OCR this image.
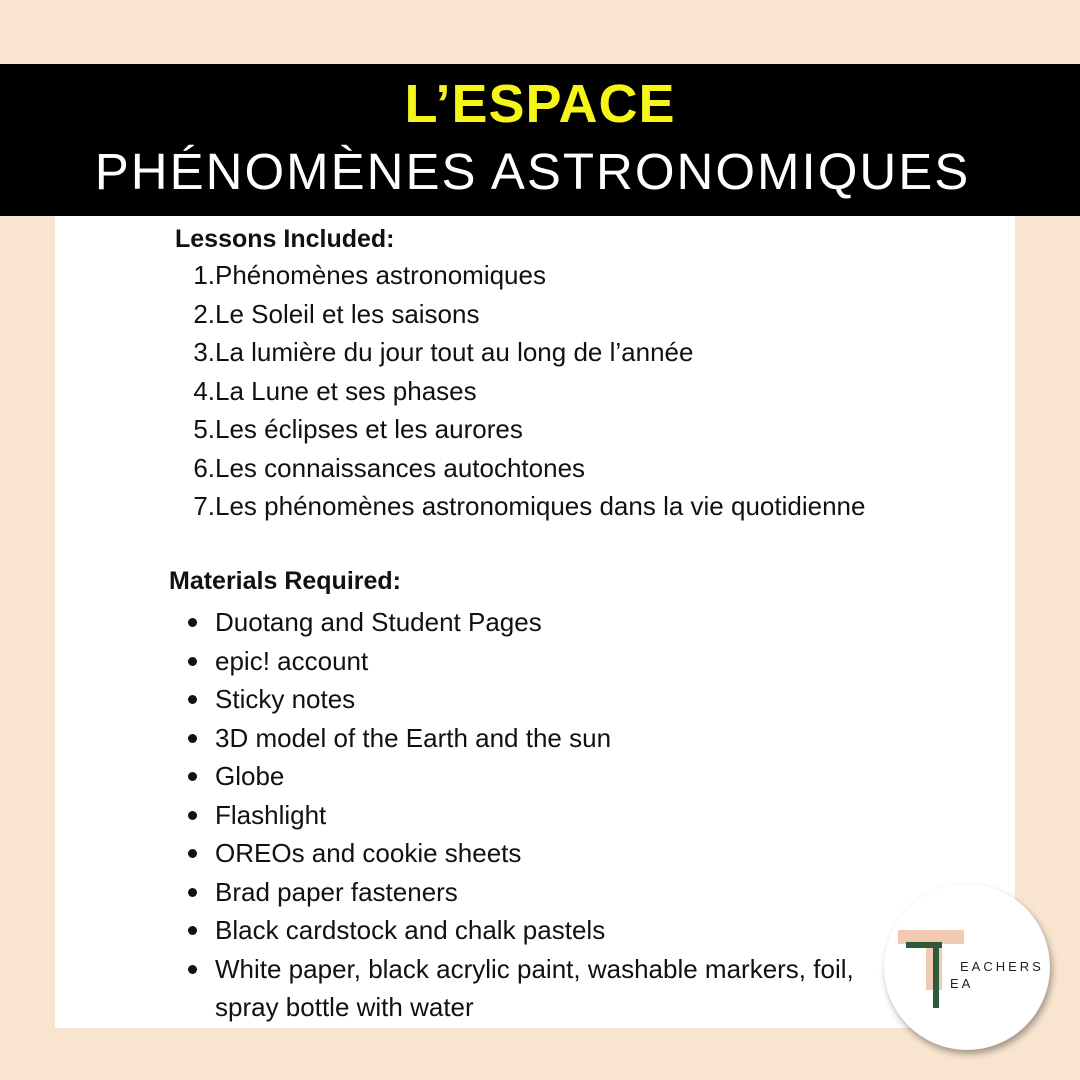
L’ESPACE
PHÉNOMÈNES ASTRONOMIQUES
Lessons Included:
1. Phénomènes astronomiques
2. Le Soleil et les saisons
3. La lumière du jour tout au long de l’année
4. La Lune et ses phases
5. Les éclipses et les aurores
6. Les connaissances autochtones
7. Les phénomènes astronomiques dans la vie quotidienne
Materials Required:
Duotang and Student Pages
epic! account
Sticky notes
3D model of the Earth and the sun
Globe
Flashlight
OREOs and cookie sheets
Brad paper fasteners
Black cardstock and chalk pastels
White paper, black acrylic paint, washable markers, foil, spray bottle with water
EACHERS
EA
